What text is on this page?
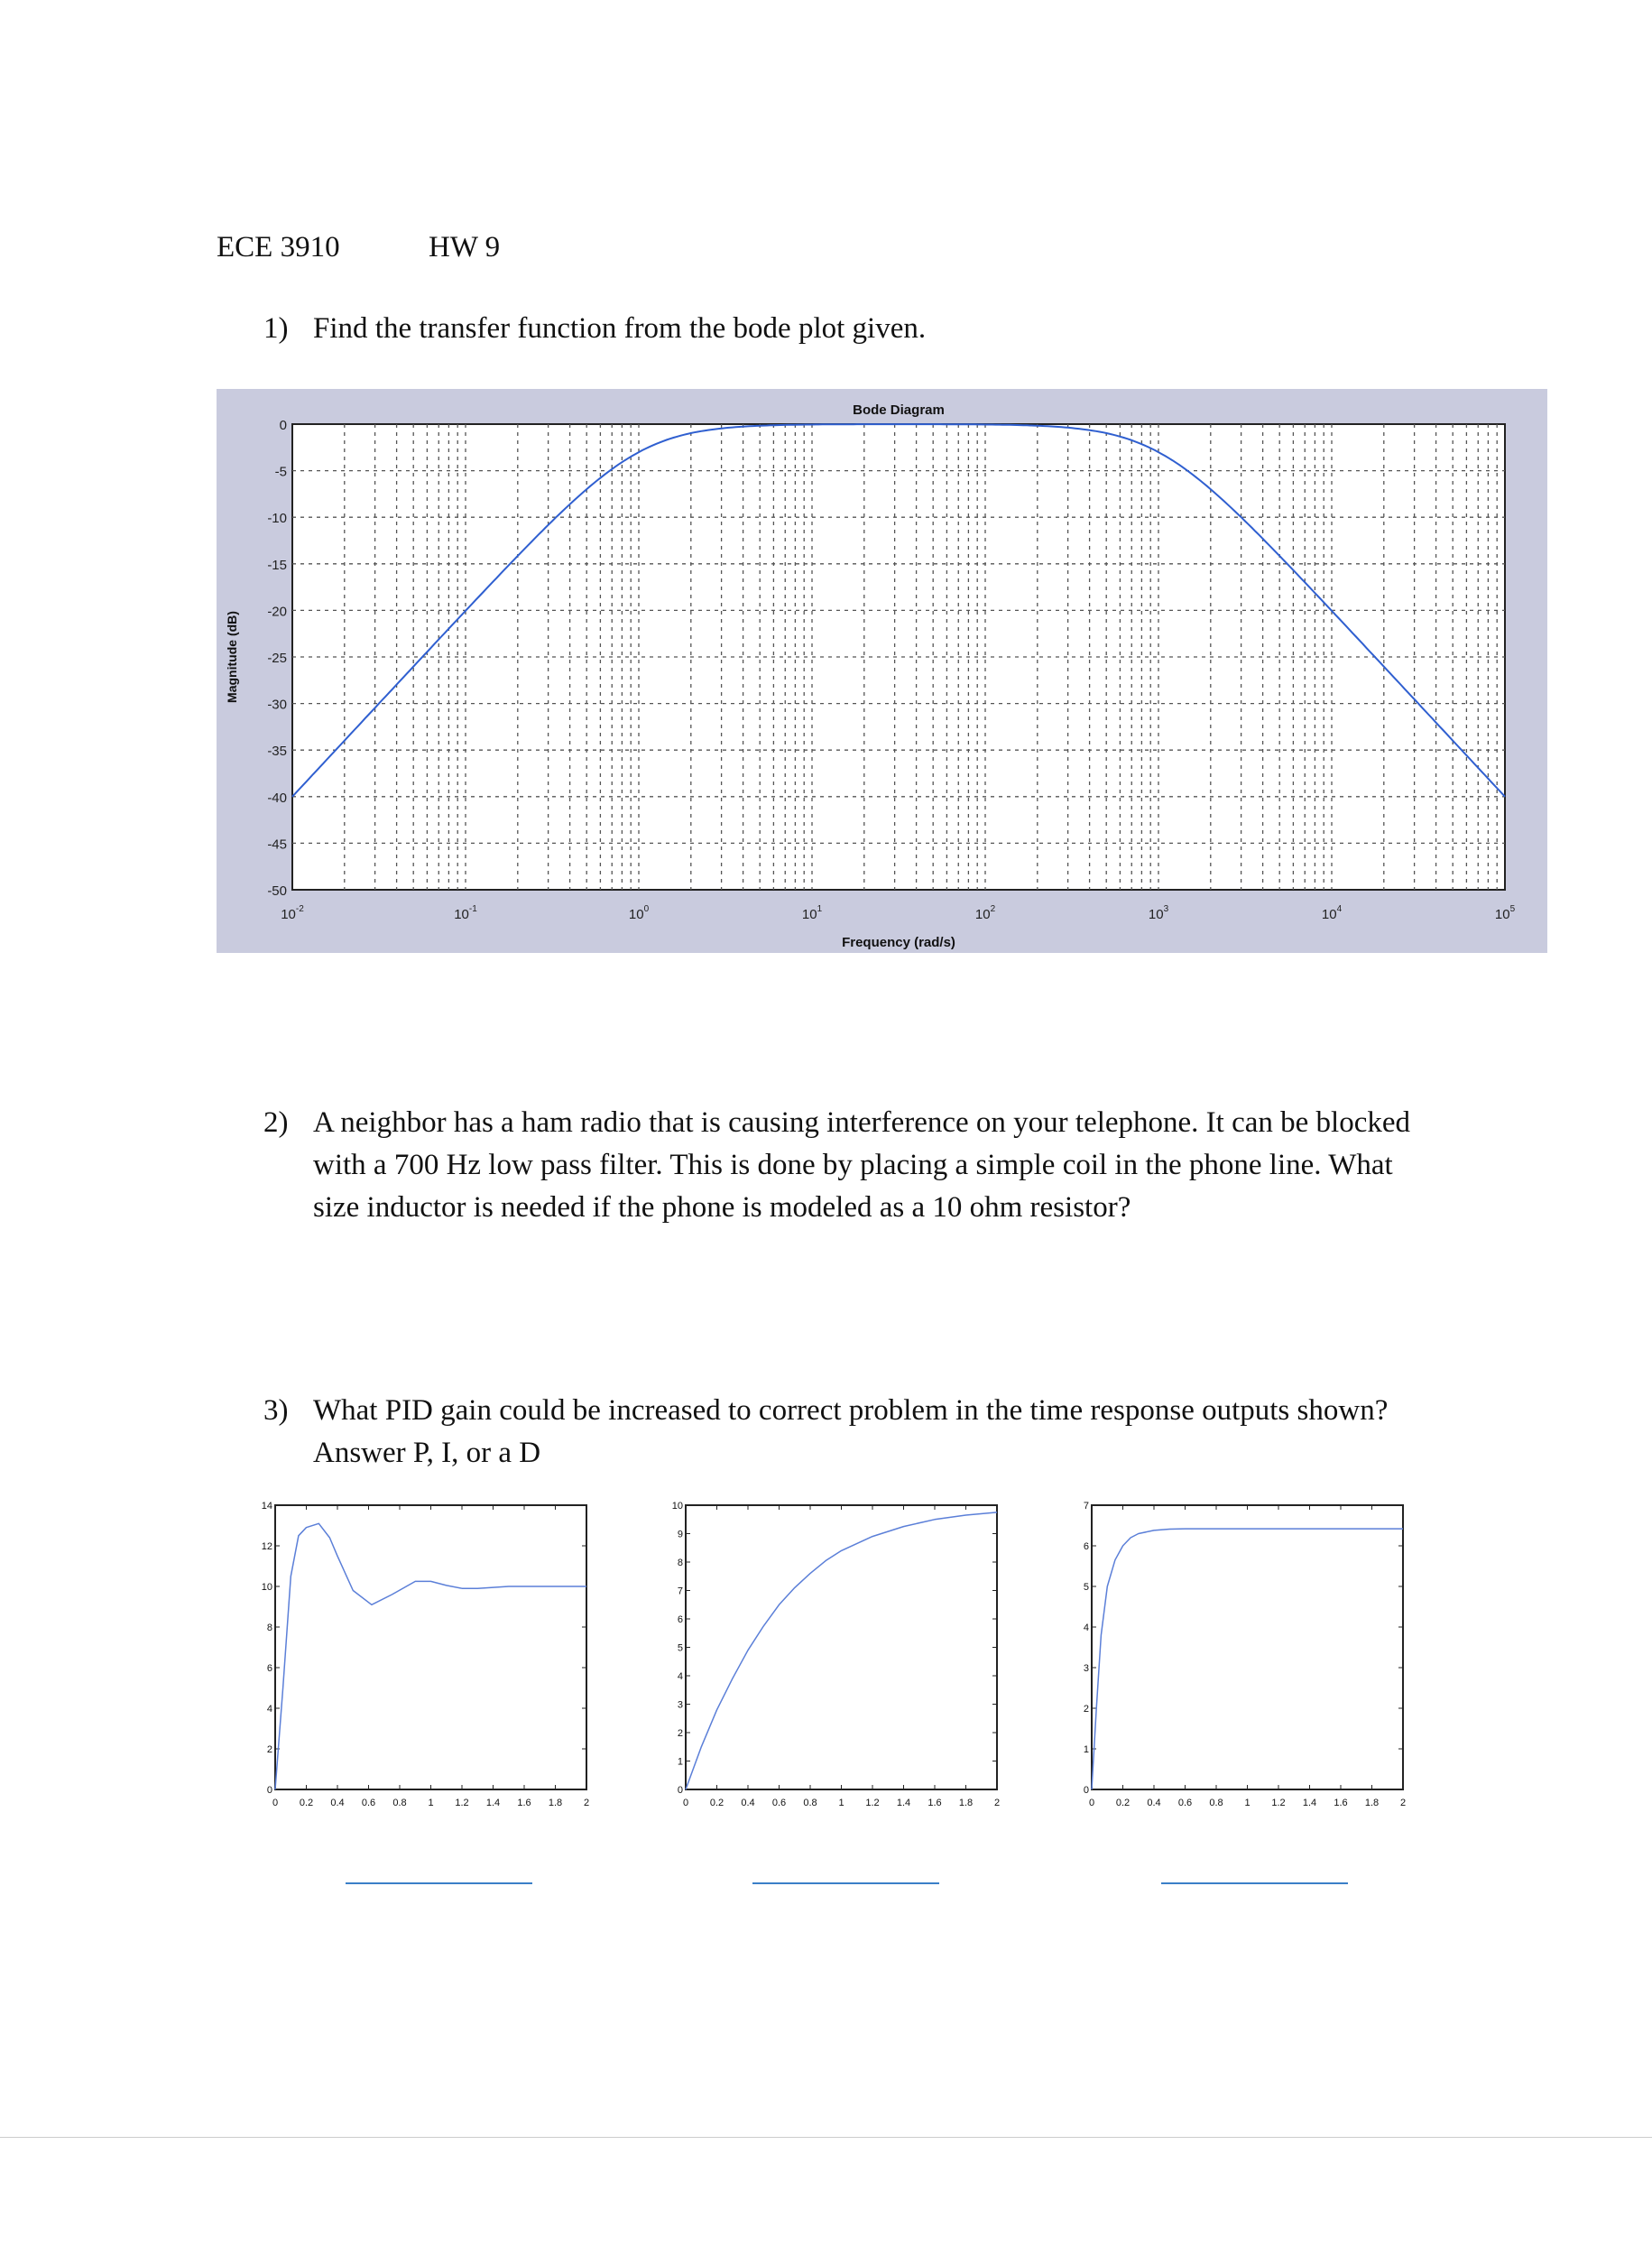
ECE 3910	HW 9
1) Find the transfer function from the bode plot given.
0
-5
-10
-15
-20
-25
-30
-35
-40
-45
-50
$10^{-2}$	$10^{-1}$	$10^0$	$10^1$	$10^2$	$10^3$	$10^4$	$10^5$
Bode Diagram
Frequency (rad/s)
Magnitude (dB)
2) A neighbor has a ham radio that is causing interference on your telephone. It can be blocked with a 700 Hz low pass filter. This is done by placing a simple coil in the phone line. What size inductor is needed if the phone is modeled as a 10 ohm resistor?
3) What PID gain could be increased to correct problem in the time response outputs shown? Answer P, I, or a D
0 0.2 0.4 0.6 0.8 1 1.2 1.4 1.6 1.8 2
0
2
4
6
8
10
12
14
0 0.2 0.4 0.6 0.8 1 1.2 1.4 1.6 1.8 2
0
1
2
3
4
5
6
7
8
9
10
0 0.2 0.4 0.6 0.8 1 1.2 1.4 1.6 1.8 2
0
1
2
3
4
5
6
7
